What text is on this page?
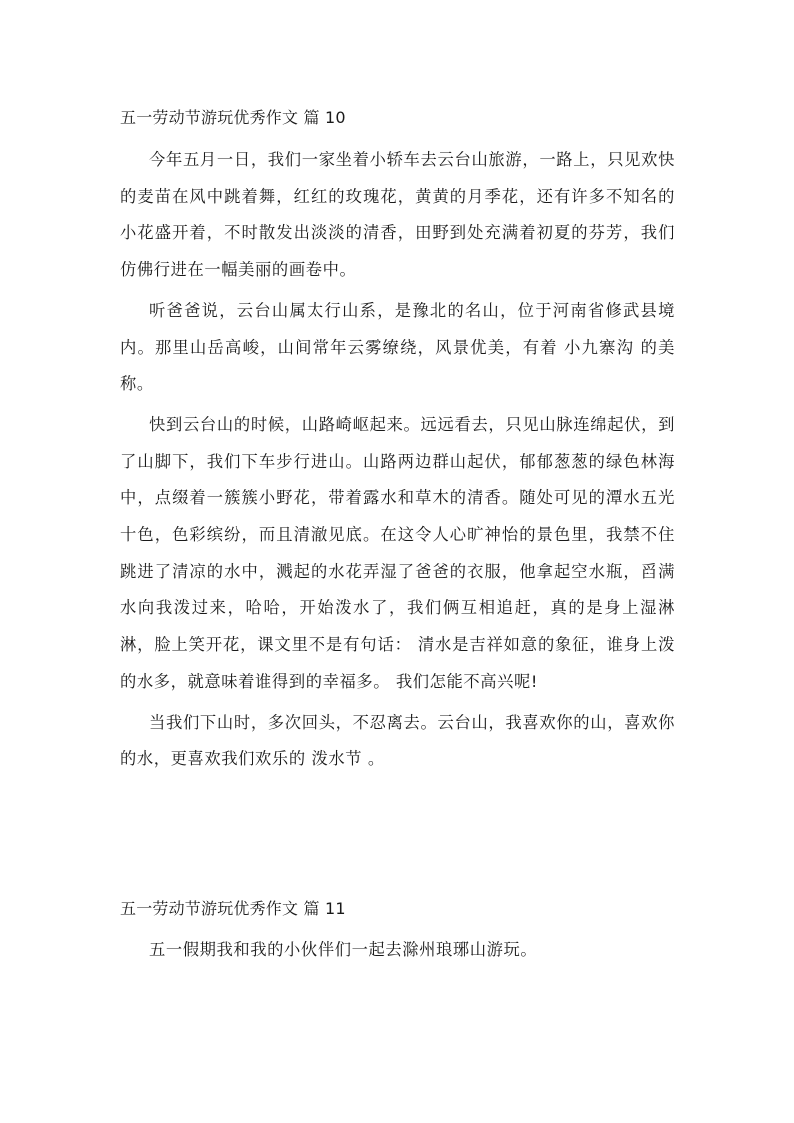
五一劳动节游玩优秀作文 篇 10

今年五月一日，我们一家坐着小轿车去云台山旅游，一路上，只见欢快的麦苗在风中跳着舞，红红的玫瑰花，黄黄的月季花，还有许多不知名的小花盛开着，不时散发出淡淡的清香，田野到处充满着初夏的芬芳，我们仿佛行进在一幅美丽的画卷中。

听爸爸说，云台山属太行山系，是豫北的名山，位于河南省修武县境内。那里山岳高峻，山间常年云雾缭绕，风景优美，有着 小九寨沟 的美称。

快到云台山的时候，山路崎岖起来。远远看去，只见山脉连绵起伏，到了山脚下，我们下车步行进山。山路两边群山起伏，郁郁葱葱的绿色林海中，点缀着一簇簇小野花，带着露水和草木的清香。随处可见的潭水五光十色，色彩缤纷，而且清澈见底。在这令人心旷神怡的景色里，我禁不住跳进了清凉的水中，溅起的水花弄湿了爸爸的衣服，他拿起空水瓶，舀满水向我泼过来，哈哈，开始泼水了，我们俩互相追赶，真的是身上湿淋淋，脸上笑开花，课文里不是有句话： 清水是吉祥如意的象征，谁身上泼的水多，就意味着谁得到的幸福多。 我们怎能不高兴呢!

当我们下山时，多次回头，不忍离去。云台山，我喜欢你的山，喜欢你的水，更喜欢我们欢乐的 泼水节 。

五一劳动节游玩优秀作文 篇 11

五一假期我和我的小伙伴们一起去滁州琅琊山游玩。
